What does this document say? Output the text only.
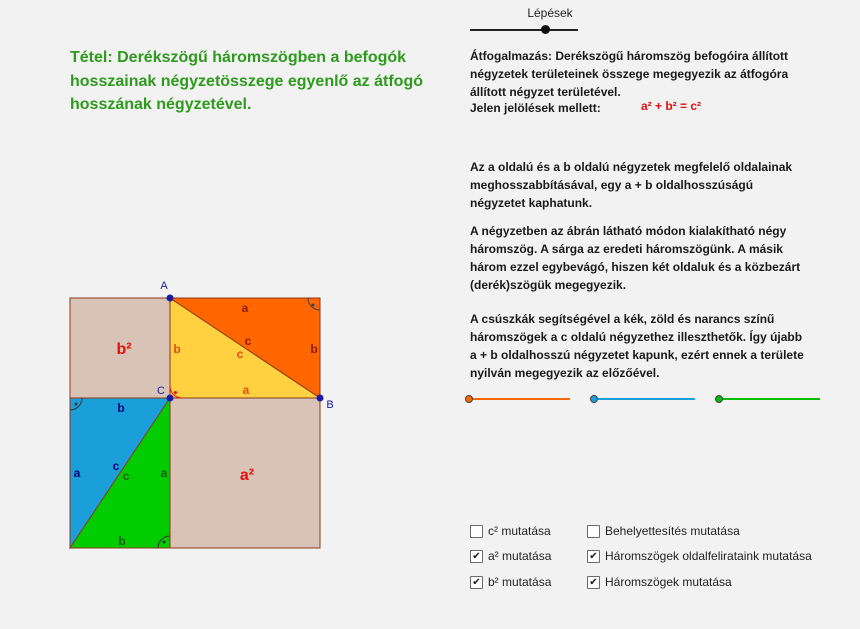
Tétel: Derékszögű háromszögben a befogók hosszainak négyzetösszege egyenlő az átfogó hosszának négyzetével.
Lépések
Átfogalmazás: Derékszögű háromszög befogóira állított négyzetek területeinek összege megegyezik az átfogóra állított négyzet területével.
Jelen jelölések mellett:	a² + b² = c²
Az a oldalú és a b oldalú négyzetek megfelelő oldalainak meghosszabbításával, egy a + b oldalhosszúságú négyzetet kaphatunk.
A négyzetben az ábrán látható módon kialakítható négy háromszög. A sárga az eredeti háromszögünk. A másik három ezzel egybevágó, hiszen két oldaluk és a közbezárt (derék)szögük megegyezik.
A csúszkák segítségével a kék, zöld és narancs színű háromszögek a c oldalú négyzethez illeszthetők. Így újabb a + b oldalhosszú négyzetet kapunk, ezért ennek a területe nyilván megegyezik az előzőével.
b²
a²
a
b
c
b	c
a
b
a	c
c	a
b
A
C
B
c² mutatása
✔ a² mutatása
✔ b² mutatása
Behelyettesítés mutatása
✔ Háromszögek oldalfelirataink mutatása
✔ Háromszögek mutatása
